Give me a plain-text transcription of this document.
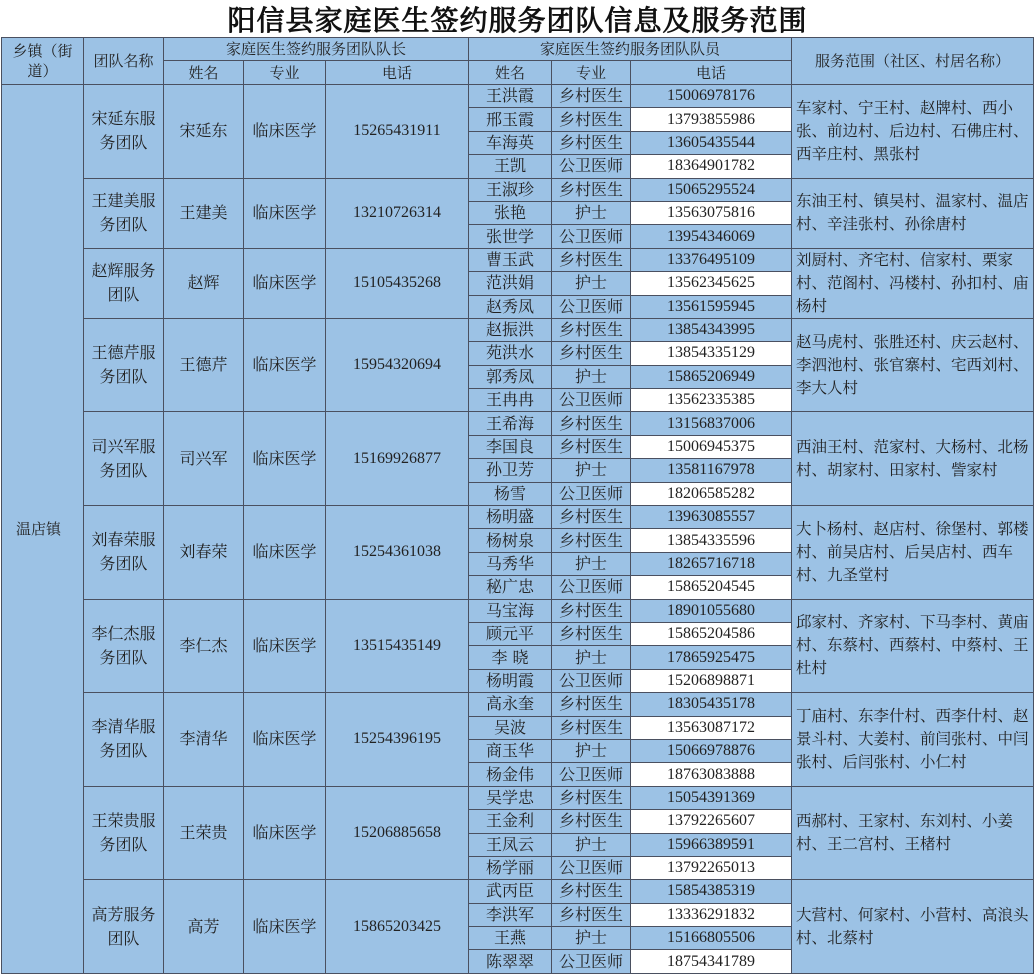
阳信县家庭医生签约服务团队信息及服务范围
乡镇（街道）	团队名称	家庭医生签约服务团队队长			家庭医生签约服务团队队员			服务范围（社区、村居名称）
		姓名	专业	电话	姓名	专业	电话	
温店镇	宋延东服务团队	宋延东	临床医学	15265431911	王洪霞	乡村医生	15006978176	车家村、宁王村、赵牌村、西小张、前边村、后边村、石佛庄村、西辛庄村、黑张村
					邢玉霞	乡村医生	13793855986	
					车海英	乡村医生	13605435544	
					王凯	公卫医师	18364901782	
	王建美服务团队	王建美	临床医学	13210726314	王淑珍	乡村医生	15065295524	东油王村、镇吴村、温家村、温店村、辛洼张村、孙徐唐村
					张艳	护士	13563075816	
					张世学	公卫医师	13954346069	
	赵辉服务团队	赵辉	临床医学	15105435268	曹玉武	乡村医生	13376495109	刘厨村、齐宅村、信家村、栗家村、范阁村、冯楼村、孙扣村、庙杨村
					范洪娟	护士	13562345625	
					赵秀凤	公卫医师	13561595945	
	王德芹服务团队	王德芹	临床医学	15954320694	赵振洪	乡村医生	13854343995	赵马虎村、张胜还村、庆云赵村、李泗池村、张官寨村、宅西刘村、李大人村
					苑洪水	乡村医生	13854335129	
					郭秀凤	护士	15865206949	
					王冉冉	公卫医师	13562335385	
	司兴军服务团队	司兴军	临床医学	15169926877	王希海	乡村医生	13156837006	西油王村、范家村、大杨村、北杨村、胡家村、田家村、訾家村
					李国良	乡村医生	15006945375	
					孙卫芳	护士	13581167978	
					杨雪	公卫医师	18206585282	
	刘春荣服务团队	刘春荣	临床医学	15254361038	杨明盛	乡村医生	13963085557	大卜杨村、赵店村、徐堡村、郭楼村、前吴店村、后吴店村、西车村、九圣堂村
					杨树泉	乡村医生	13854335596	
					马秀华	护士	18265716718	
					秘广忠	公卫医师	15865204545	
	李仁杰服务团队	李仁杰	临床医学	13515435149	马宝海	乡村医生	18901055680	邱家村、齐家村、下马李村、黄庙村、东蔡村、西蔡村、中蔡村、王杜村
					顾元平	乡村医生	15865204586	
					李 晓	护士	17865925475	
					杨明霞	公卫医师	15206898871	
	李清华服务团队	李清华	临床医学	15254396195	高永奎	乡村医生	18305435178	丁庙村、东李什村、西李什村、赵景斗村、大姜村、前闫张村、中闫张村、后闫张村、小仁村
					吴波	乡村医生	13563087172	
					商玉华	护士	15066978876	
					杨金伟	公卫医师	18763083888	
	王荣贵服务团队	王荣贵	临床医学	15206885658	吴学忠	乡村医生	15054391369	西郝村、王家村、东刘村、小姜村、王二宫村、王楮村
					王金利	乡村医生	13792265607	
					王凤云	护士	15966389591	
					杨学丽	公卫医师	13792265013	
	高芳服务团队	高芳	临床医学	15865203425	武丙臣	乡村医生	15854385319	大营村、何家村、小营村、高浪头村、北蔡村
					李洪军	乡村医生	13336291832	
					王燕	护士	15166805506	
					陈翠翠	公卫医师	18754341789	
